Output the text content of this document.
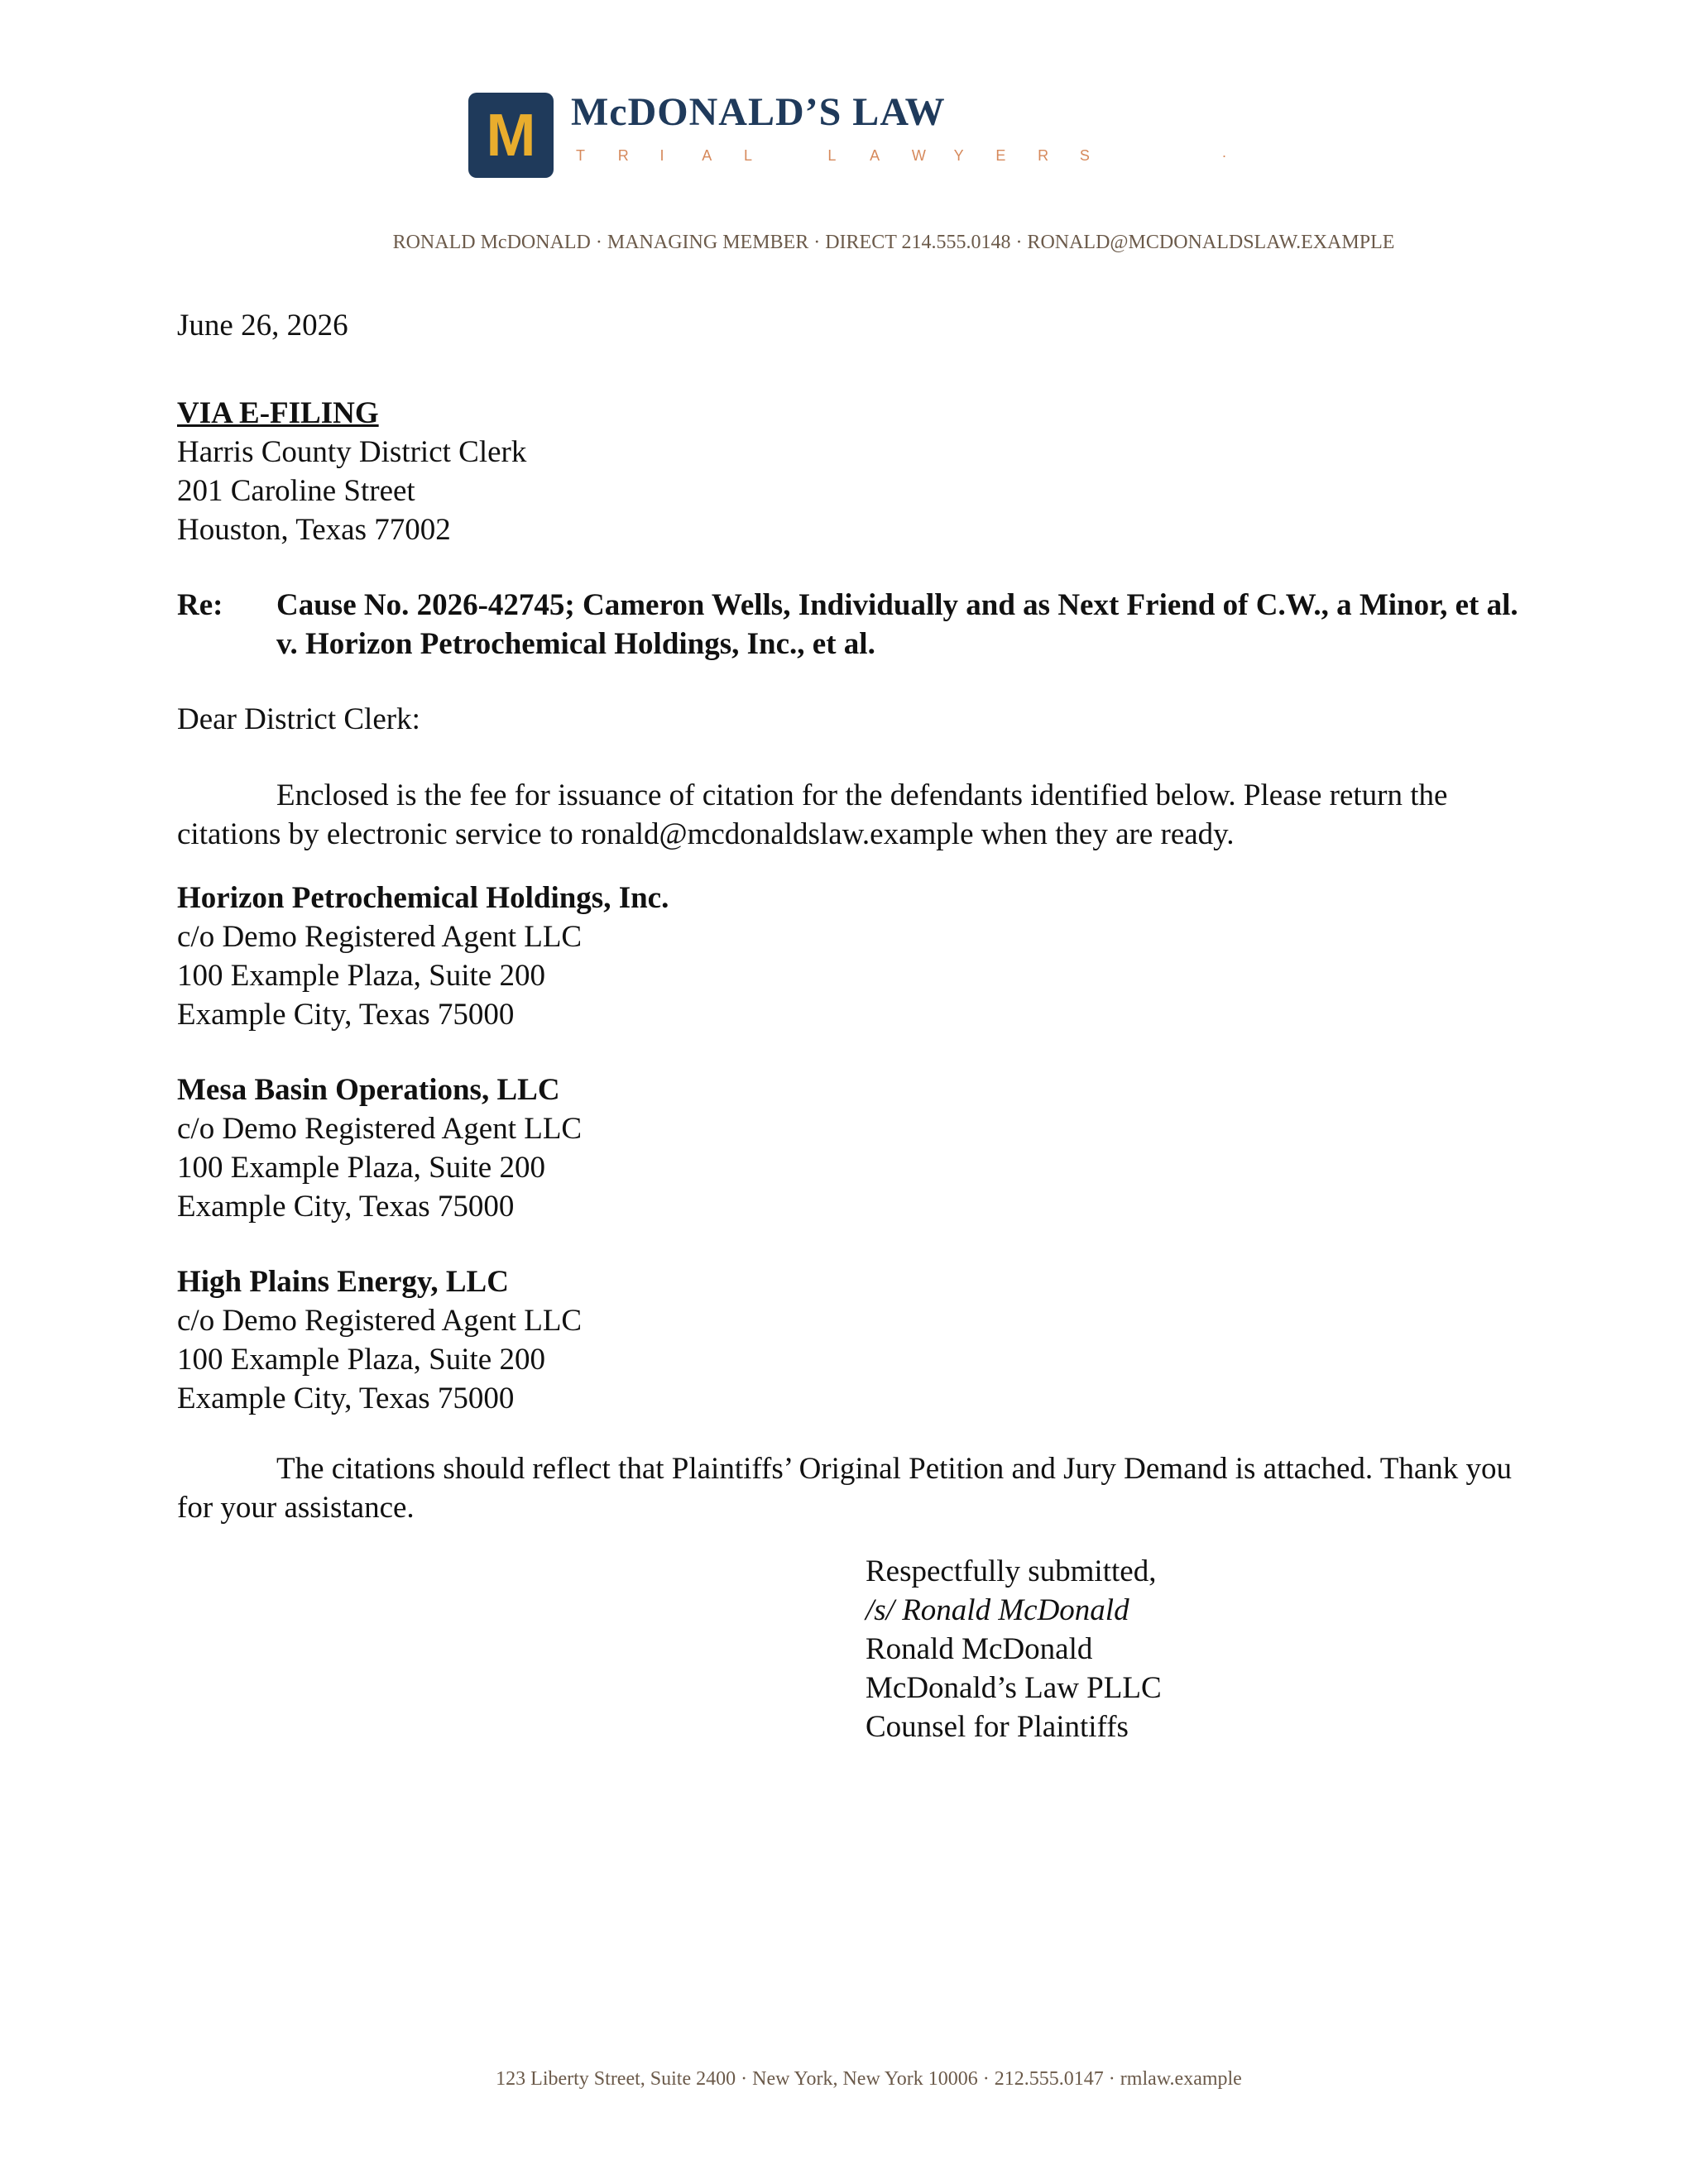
M McDONALD’S LAW
T	R	I	A	L	L	A	W	Y	E	R	S	·
RONALD McDONALD · MANAGING MEMBER · DIRECT 214.555.0148 · RONALD@MCDONALDSLAW.EXAMPLE
June 26, 2026
VIA E-FILING
Harris County District Clerk
201 Caroline Street
Houston, Texas 77002
Re: Cause No. 2026-42745; Cameron Wells, Individually and as Next Friend of C.W., a Minor, et al. v. Horizon Petrochemical Holdings, Inc., et al.
Dear District Clerk:
Enclosed is the fee for issuance of citation for the defendants identified below. Please return the citations by electronic service to ronald@mcdonaldslaw.example when they are ready.
Horizon Petrochemical Holdings, Inc.
c/o Demo Registered Agent LLC
100 Example Plaza, Suite 200
Example City, Texas 75000
Mesa Basin Operations, LLC
c/o Demo Registered Agent LLC
100 Example Plaza, Suite 200
Example City, Texas 75000
High Plains Energy, LLC
c/o Demo Registered Agent LLC
100 Example Plaza, Suite 200
Example City, Texas 75000
The citations should reflect that Plaintiffs’ Original Petition and Jury Demand is attached. Thank you for your assistance.
Respectfully submitted,
/s/ Ronald McDonald
Ronald McDonald
McDonald’s Law PLLC
Counsel for Plaintiffs
123 Liberty Street, Suite 2400 · New York, New York 10006 · 212.555.0147 · rmlaw.example
